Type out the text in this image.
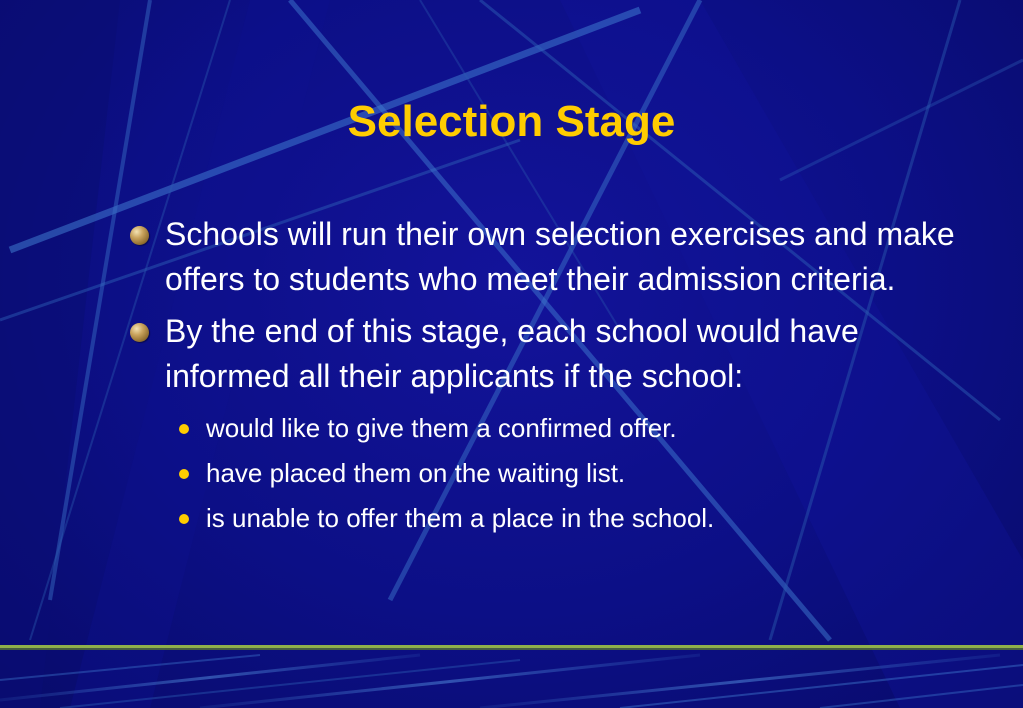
Selection Stage
Schools will run their own selection exercises and make offers to students who meet their admission criteria.
By the end of this stage, each school would have informed all their applicants if the school:
would like to give them a confirmed offer.
have placed them on the waiting list.
is unable to offer them a place in the school.
